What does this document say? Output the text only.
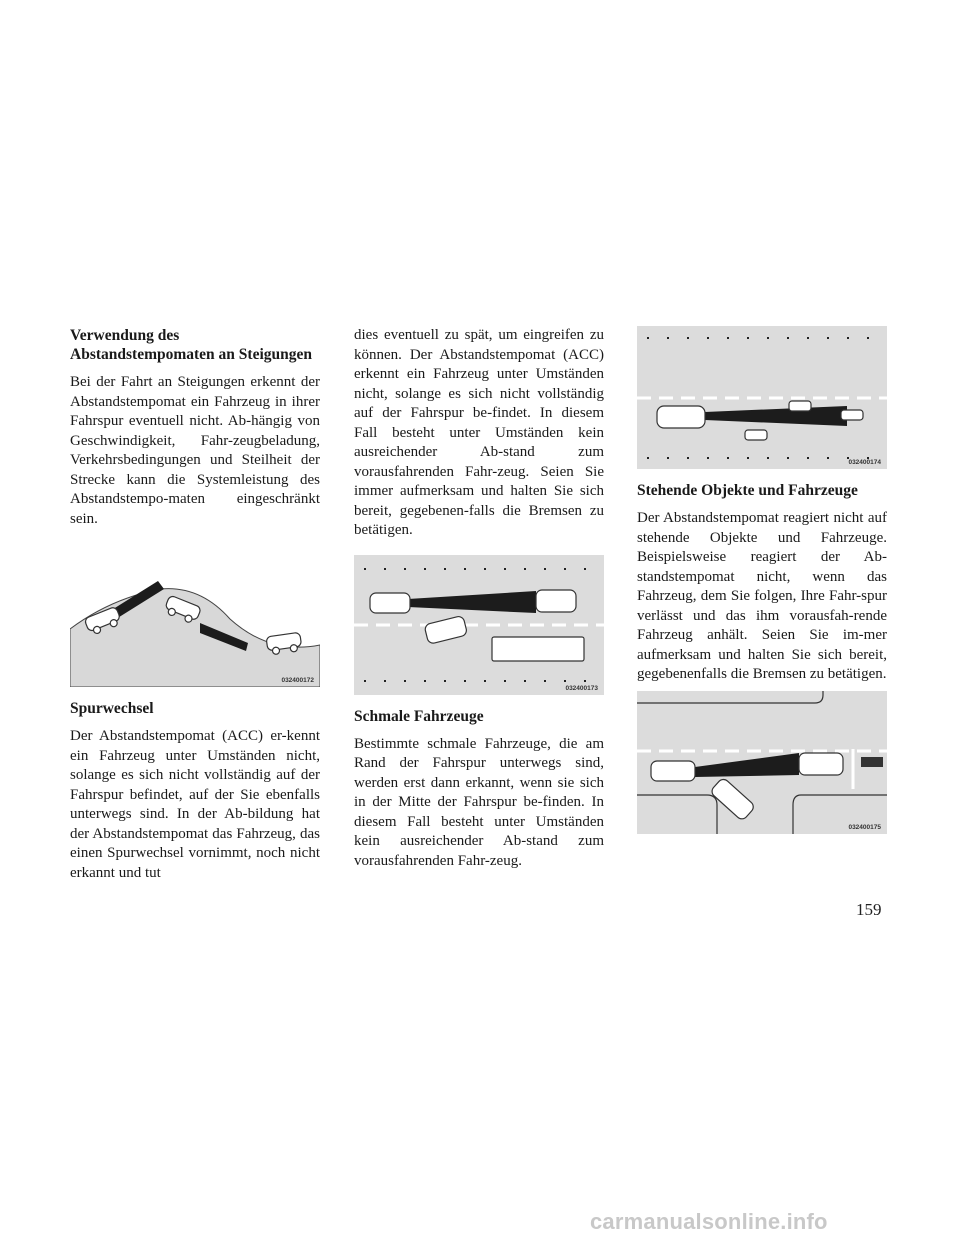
Verwendung des Abstandstempomaten an Steigungen

Bei der Fahrt an Steigungen erkennt der Abstandstempomat ein Fahrzeug in ihrer Fahrspur eventuell nicht. Ab-hängig von Geschwindigkeit, Fahr-zeugbeladung, Verkehrsbedingungen und Steilheit der Strecke kann die Systemleistung des Abstandstempo-maten eingeschränkt sein.

032400172

Spurwechsel

Der Abstandstempomat (ACC) er-kennt ein Fahrzeug unter Umständen nicht, solange es sich nicht vollständig auf der Fahrspur befindet, auf der Sie ebenfalls unterwegs sind. In der Ab-bildung hat der Abstandstempomat das Fahrzeug, das einen Spurwechsel vornimmt, noch nicht erkannt und tut

dies eventuell zu spät, um eingreifen zu können. Der Abstandstempomat (ACC) erkennt ein Fahrzeug unter Umständen nicht, solange es sich nicht vollständig auf der Fahrspur be-findet. In diesem Fall besteht unter Umständen kein ausreichender Ab-stand zum vorausfahrenden Fahr-zeug. Seien Sie immer aufmerksam und halten Sie sich bereit, gegebenen-falls die Bremsen zu betätigen.

032400173

Schmale Fahrzeuge

Bestimmte schmale Fahrzeuge, die am Rand der Fahrspur unterwegs sind, werden erst dann erkannt, wenn sie sich in der Mitte der Fahrspur be-finden. In diesem Fall besteht unter Umständen kein ausreichender Ab-stand zum vorausfahrenden Fahr-zeug.

032400174

Stehende Objekte und Fahrzeuge

Der Abstandstempomat reagiert nicht auf stehende Objekte und Fahrzeuge. Beispielsweise reagiert der Ab-standstempomat nicht, wenn das Fahrzeug, dem Sie folgen, Ihre Fahr-spur verlässt und das ihm vorausfah-rende Fahrzeug anhält. Seien Sie im-mer aufmerksam und halten Sie sich bereit, gegebenenfalls die Bremsen zu betätigen.

032400175
159
carmanualsonline.info
